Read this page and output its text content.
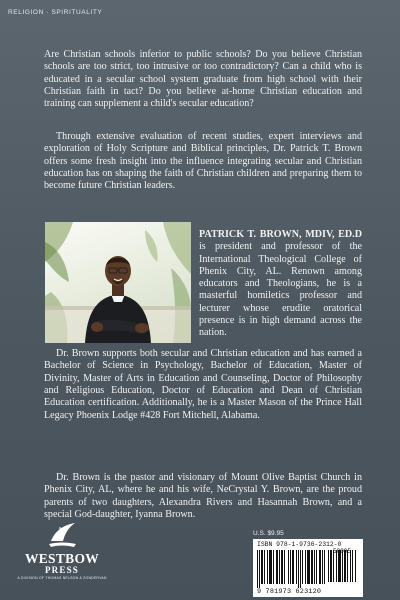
RELIGION · SPIRITUALITY

Are Christian schools inferior to public schools? Do you believe Christian schools are too strict, too intrusive or too contradictory? Can a child who is educated in a secular school system graduate from high school with their Christian faith in tact? Do you believe at-home Christian education and training can supplement a child's secular education?

Through extensive evaluation of recent studies, expert interviews and exploration of Holy Scripture and Biblical principles, Dr. Patrick T. Brown offers some fresh insight into the influence integrating secular and Christian education has on shaping the faith of Christian children and preparing them to become future Christian leaders.

PATRICK T. BROWN, MDIV, ED.D is president and professor of the International Theological College of Phenix City, AL. Renown among educators and Theologians, he is a masterful homiletics professor and lecturer whose erudite oratorical presence is in high demand across the nation.

Dr. Brown supports both secular and Christian education and has earned a Bachelor of Science in Psychology, Bachelor of Education, Master of Divinity, Master of Arts in Education and Counseling, Doctor of Philosophy and Religious Education, Doctor of Education and Dean of Christian Education certification. Additionally, he is a Master Mason of the Prince Hall Legacy Phoenix Lodge #428 Fort Mitchell, Alabama.

Dr. Brown is the pastor and visionary of Mount Olive Baptist Church in Phenix City, AL, where he and his wife, NeCrystal Y. Brown, are the proud parents of two daughters, Alexandra Rivers and Hasannah Brown, and a special God-daughter, Iyanna Brown.

WESTBOW
PRESS
A DIVISION OF THOMAS NELSON & ZONDERVAN
U.S. $9.95
ISBN 978-1-9736-2312-0
9 781973 623120
